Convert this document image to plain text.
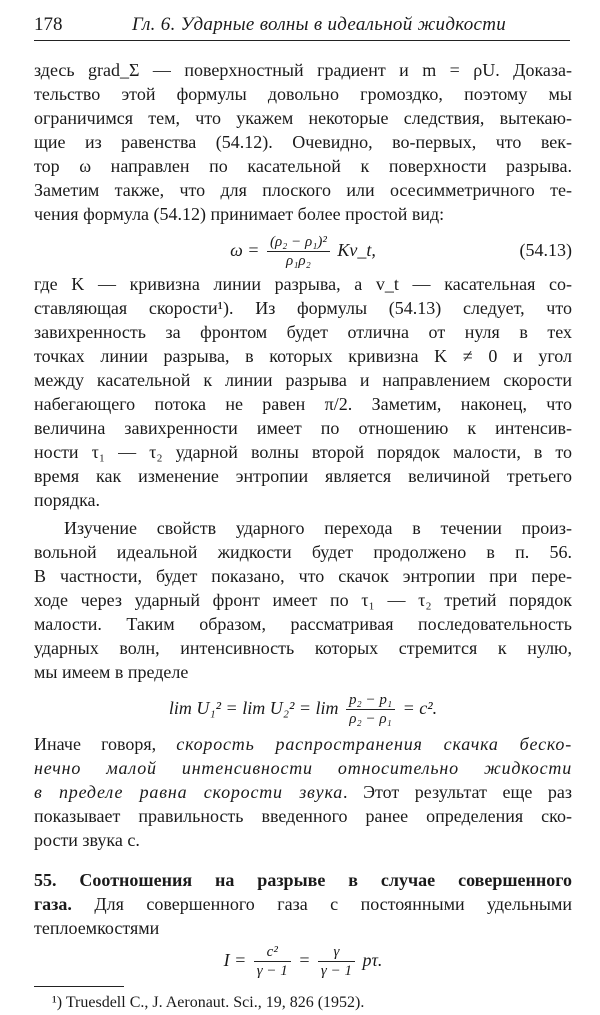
178	Гл. 6. Ударные волны в идеальной жидкости
здесь grad_Σ — поверхностный градиент и m = ρU. Доказа-
тельство этой формулы довольно громоздко, поэтому мы
ограничимся тем, что укажем некоторые следствия, вытекаю-
щие из равенства (54.12). Очевидно, во-первых, что век-
тор ω направлен по касательной к поверхности разрыва.
Заметим также, что для плоского или осесимметричного те-
чения формула (54.12) принимает более простой вид:
$\omega = \frac{\text{(ρ₂ − ρ₁)²}}{\text{ρ₁ρ₂}}$ Kv_t,	(54.13)
где K — кривизна линии разрыва, а v_t — касательная со-
ставляющая скорости¹). Из формулы (54.13) следует, что
завихренность за фронтом будет отлична от нуля в тех
точках линии разрыва, в которых кривизна K ≠ 0 и угол
между касательной к линии разрыва и направлением скорости
набегающего потока не равен π/2. Заметим, наконец, что
величина завихренности имеет по отношению к интенсив-
ности τ₁ — τ₂ ударной волны второй порядок малости, в то
время как изменение энтропии является величиной третьего
порядка.
Изучение свойств ударного перехода в течении произ-
вольной идеальной жидкости будет продолжено в п. 56.
В частности, будет показано, что скачок энтропии при пере-
ходе через ударный фронт имеет по τ₁ — τ₂ третий порядок
малости. Таким образом, рассматривая последовательность
ударных волн, интенсивность которых стремится к нулю,
мы имеем в пределе
$\lim U_1^2 = \lim U_2^2 = \lim \frac{\text{p₂ − p₁}}{\text{ρ₂ − ρ₁}} = c^2$.
Иначе говоря, скорость распространения скачка беско-
нечно малой интенсивности относительно жидкости
в пределе равна скорости звука. Этот результат еще раз
показывает правильность введенного ранее определения ско-
рости звука c.
55. Соотношения на разрыве в случае совершенного
газа. Для совершенного газа с постоянными удельными
теплоемкостями
$I = \frac{\text{c²}}{\gamma - 1} = \frac{\gamma}{\gamma - 1} p\tau$.
¹) Truesdell C., J. Aeronaut. Sci., 19, 826 (1952).
